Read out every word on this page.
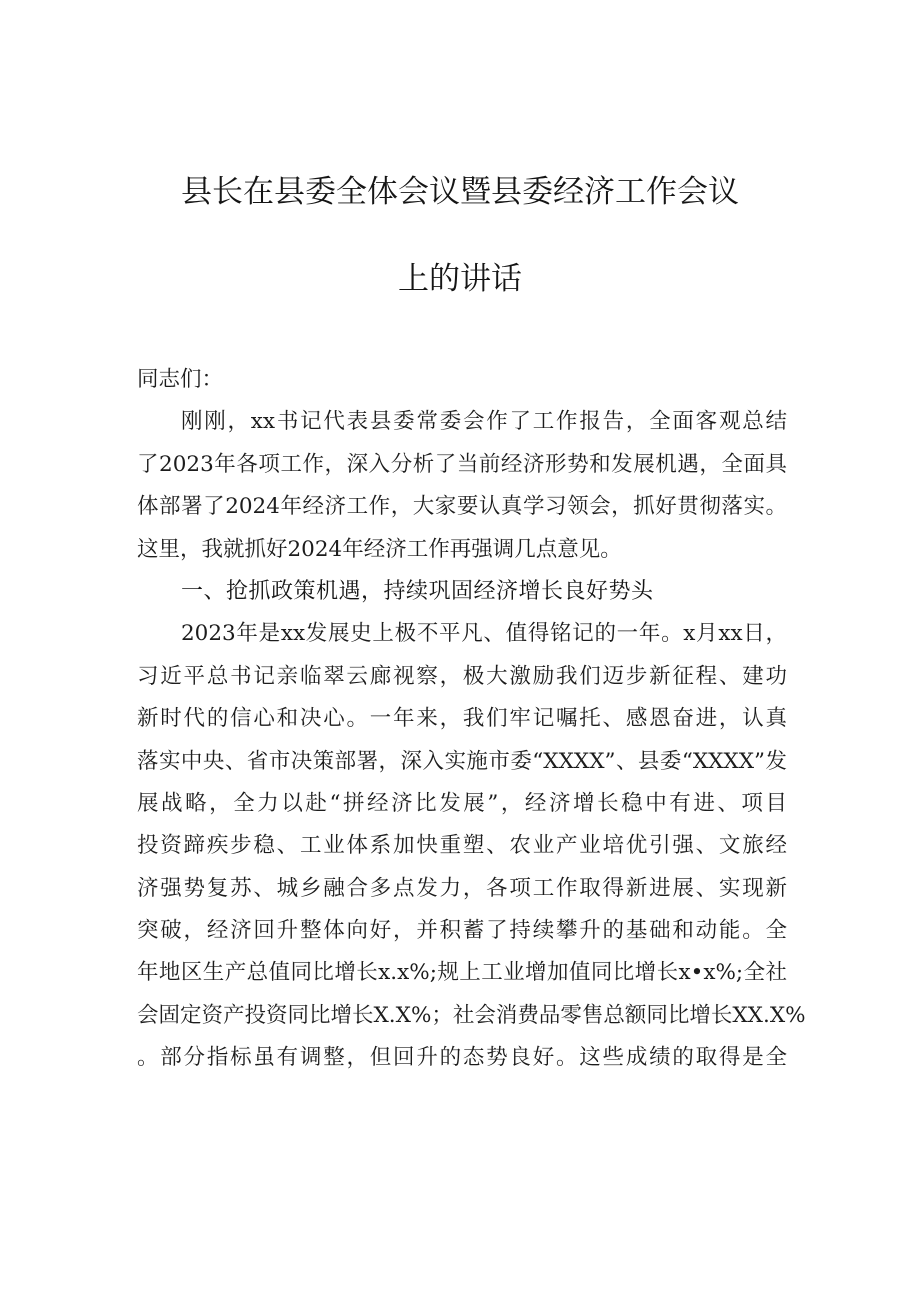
县长在县委全体会议暨县委经济工作会议
上的讲话
同志们：
刚刚，xx书记代表县委常委会作了工作报告，全面客观总结
了2023年各项工作，深入分析了当前经济形势和发展机遇，全面具
体部署了2024年经济工作，大家要认真学习领会，抓好贯彻落实。
这里，我就抓好2024年经济工作再强调几点意见。
一、抢抓政策机遇，持续巩固经济增长良好势头
2023年是xx发展史上极不平凡、值得铭记的一年。x月xx日，
习近平总书记亲临翠云廊视察，极大激励我们迈步新征程、建功
新时代的信心和决心。一年来，我们牢记嘱托、感恩奋进，认真
落实中央、省市决策部署，深入实施市委“XXXX”、县委“XXXX”发
展战略，全力以赴“拼经济比发展”，经济增长稳中有进、项目
投资蹄疾步稳、工业体系加快重塑、农业产业培优引强、文旅经
济强势复苏、城乡融合多点发力，各项工作取得新进展、实现新
突破，经济回升整体向好，并积蓄了持续攀升的基础和动能。全
年地区生产总值同比增长x.x%;规上工业增加值同比增长x•x%;全社
会固定资产投资同比增长X.X%；社会消费品零售总额同比增长XX.X%
。部分指标虽有调整，但回升的态势良好。这些成绩的取得是全
